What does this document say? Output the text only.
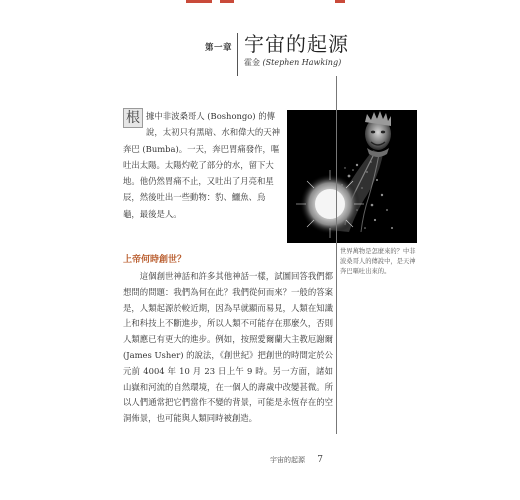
第一章 宇宙的起源
霍金 (Stephen Hawking)
根 據中非波桑哥人 (Boshongo) 的傳說，太初只有黑暗、水和偉大的天神奔巴 (Bumba)。一天，奔巴胃痛發作，嘔吐出太陽。太陽灼乾了部分的水，留下大地。他仍然胃痛不止，又吐出了月亮和星辰，然後吐出一些動物：豹、鱷魚、烏龜，最後是人。
世界萬物是怎麼來的？中非波桑哥人的傳說中，是天神奔巴嘔吐出來的。
上帝何時創世？
這個創世神話和許多其他神話一樣，試圖回答我們都想問的問題：我們為何在此？我們從何而來？一般的答案是，人類起源於較近期，因為早就顯而易見，人類在知識上和科技上不斷進步，所以人類不可能存在那麼久，否則人類應已有更大的進步。例如，按照愛爾蘭大主教厄謝爾 (James Usher) 的說法，《創世紀》把創世的時間定於公元前 4004 年 10 月 23 日上午 9 時。另一方面，諸如山嶽和河流的自然環境，在一個人的壽歲中改變甚微。所以人們通常把它們當作不變的背景，可能是永恆存在的空洞佈景，也可能與人類同時被創造。
宇宙的起源 7
